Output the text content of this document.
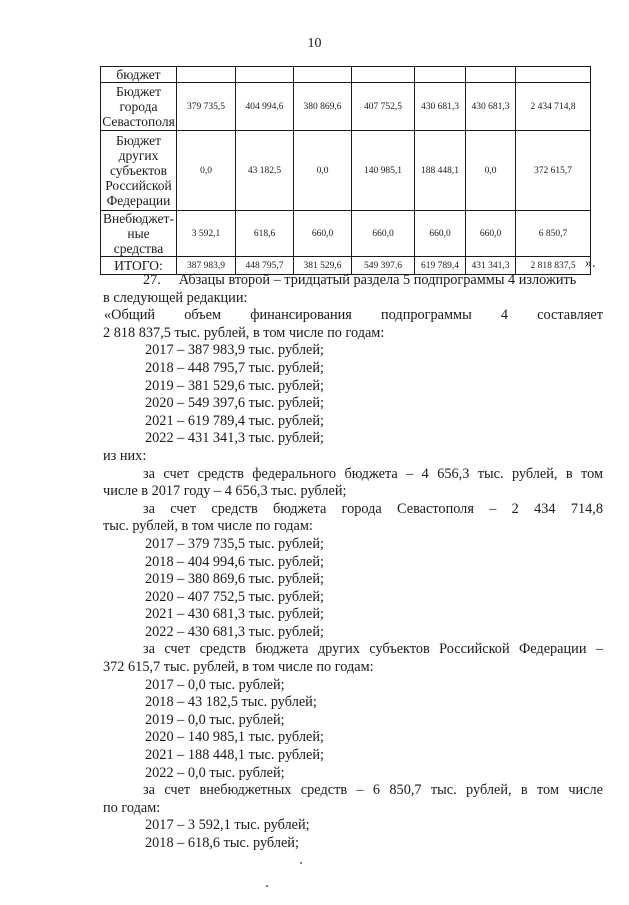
10
бюджет							
Бюджет города Севастополя	379 735,5	404 994,6	380 869,6	407 752,5	430 681,3	430 681,3	2 434 714,8
Бюджет других субъектов Российской Федерации	0,0	43 182,5	0,0	140 985,1	188 448,1	0,0	372 615,7
Внебюджет-ные средства	3 592,1	618,6	660,0	660,0	660,0	660,0	6 850,7
ИТОГО:	387 983,9	448 795,7	381 529,6	549 397,6	619 789,4	431 341,3	2 818 837,5 ».
27.     Абзацы второй – тридцатый раздела 5 подпрограммы 4 изложить
в следующей редакции:
«Общий объем финансирования подпрограммы 4 составляет
2 818 837,5 тыс. рублей, в том числе по годам:
2017 – 387 983,9 тыс. рублей;
2018 – 448 795,7 тыс. рублей;
2019 – 381 529,6 тыс. рублей;
2020 – 549 397,6 тыс. рублей;
2021 – 619 789,4 тыс. рублей;
2022 – 431 341,3 тыс. рублей;
из них:
за счет средств федерального бюджета – 4 656,3 тыс. рублей, в том
числе в 2017 году – 4 656,3 тыс. рублей;
за счет средств бюджета города Севастополя – 2 434 714,8
тыс. рублей, в том числе по годам:
2017 – 379 735,5 тыс. рублей;
2018 – 404 994,6 тыс. рублей;
2019 – 380 869,6 тыс. рублей;
2020 – 407 752,5 тыс. рублей;
2021 – 430 681,3 тыс. рублей;
2022 – 430 681,3 тыс. рублей;
за счет средств бюджета других субъектов Российской Федерации –
372 615,7 тыс. рублей, в том числе по годам:
2017 – 0,0 тыс. рублей;
2018 – 43 182,5 тыс. рублей;
2019 – 0,0 тыс. рублей;
2020 – 140 985,1 тыс. рублей;
2021 – 188 448,1 тыс. рублей;
2022 – 0,0 тыс. рублей;
за счет внебюджетных средств – 6 850,7 тыс. рублей, в том числе
по годам:
2017 – 3 592,1 тыс. рублей;
2018 – 618,6 тыс. рублей;
